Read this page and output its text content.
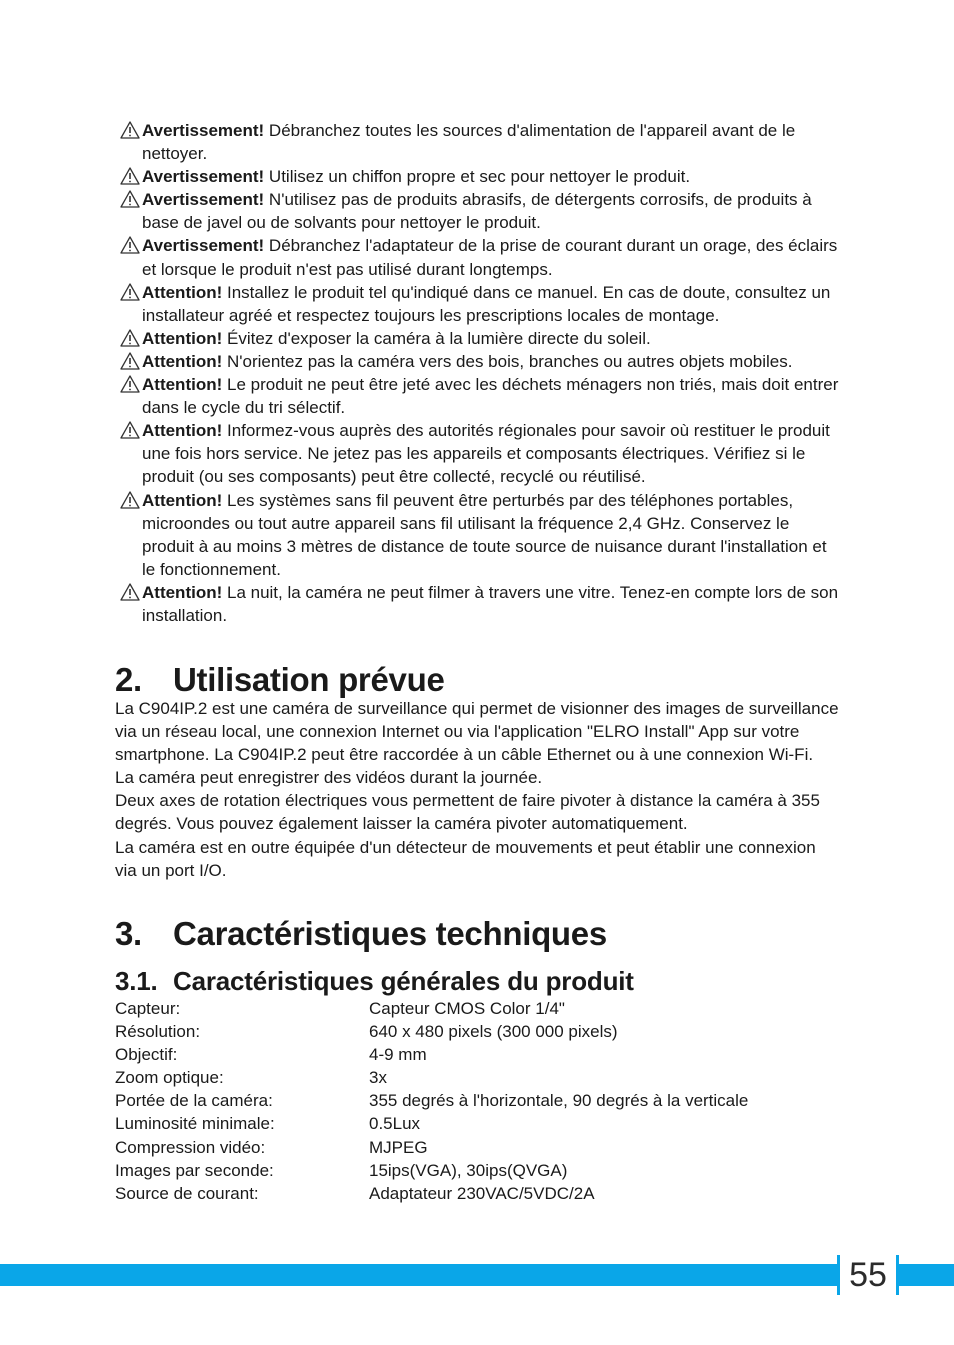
Avertissement! Débranchez toutes les sources d'alimentation de l'appareil avant de le nettoyer.
Avertissement! Utilisez un chiffon propre et sec pour nettoyer le produit.
Avertissement! N'utilisez pas de produits abrasifs, de détergents corrosifs, de produits à base de javel ou de solvants pour nettoyer le produit.
Avertissement! Débranchez l'adaptateur de la prise de courant durant un orage, des éclairs et lorsque le produit n'est pas utilisé durant longtemps.
Attention! Installez le produit tel qu'indiqué dans ce manuel. En cas de doute, consultez un installateur agréé et respectez toujours les prescriptions locales de montage.
Attention! Évitez d'exposer la caméra à la lumière directe du soleil.
Attention! N'orientez pas la caméra vers des bois, branches ou autres objets mobiles.
Attention! Le produit ne peut être jeté avec les déchets ménagers non triés, mais doit entrer dans le cycle du tri sélectif.
Attention! Informez-vous auprès des autorités régionales pour savoir où restituer le produit une fois hors service. Ne jetez pas les appareils et composants électriques. Vérifiez si le produit (ou ses composants) peut être collecté, recyclé ou réutilisé.
Attention! Les systèmes sans fil peuvent être perturbés par des téléphones portables, microondes ou tout autre appareil sans fil utilisant la fréquence 2,4 GHz. Conservez le produit à au moins 3 mètres de distance de toute source de nuisance durant l'installation et le fonctionnement.
Attention! La nuit, la caméra ne peut filmer à travers une vitre. Tenez-en compte lors de son installation.
2. Utilisation prévue

La C904IP.2 est une caméra de surveillance qui permet de visionner des images de surveillance via un réseau local, une connexion Internet ou via l'application "ELRO Install" App sur votre smartphone. La C904IP.2 peut être raccordée à un câble Ethernet ou à une connexion Wi-Fi.

La caméra peut enregistrer des vidéos durant la journée.

Deux axes de rotation électriques vous permettent de faire pivoter à distance la caméra à 355 degrés. Vous pouvez également laisser la caméra pivoter automatiquement.

La caméra est en outre équipée d'un détecteur de mouvements et peut établir une connexion via un port I/O.

3. Caractéristiques techniques
3.1. Caractéristiques générales du produit
Capteur:	Capteur CMOS Color 1/4"
Résolution:	640 x 480 pixels (300 000 pixels)
Objectif:	4-9 mm
Zoom optique:	3x
Portée de la caméra:	355 degrés à l'horizontale, 90 degrés à la verticale
Luminosité minimale:	0.5Lux
Compression vidéo:	MJPEG
Images par seconde:	15ips(VGA), 30ips(QVGA)
Source de courant:	Adaptateur 230VAC/5VDC/2A
55
